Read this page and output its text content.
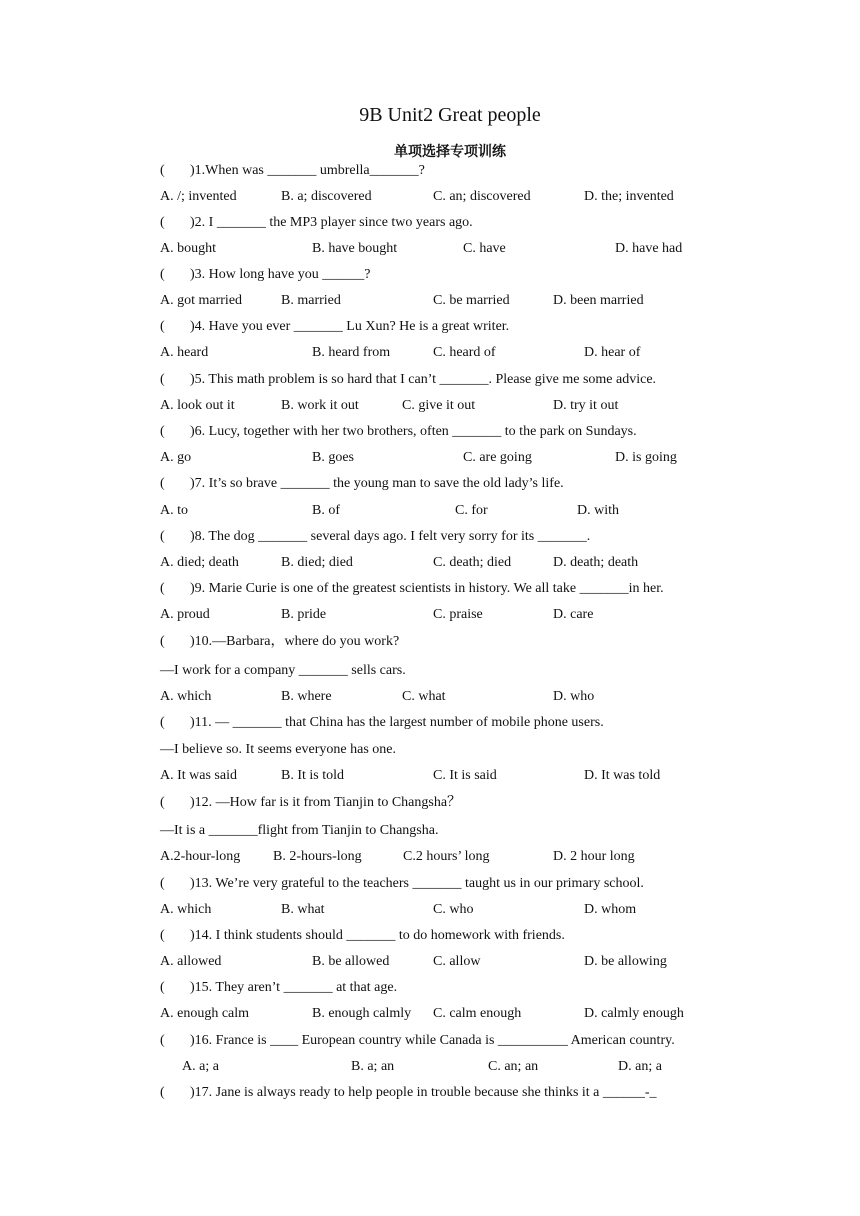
9B Unit2 Great people
单项选择专项训练
( )1.When was _______ umbrella_______?
A. /; invented	B. a; discovered	C. an; discovered	D. the; invented
( )2. I _______ the MP3 player since two years ago.
A. bought	B. have bought	C. have	D. have had
( )3. How long have you ______?
A. got married	B. married	C. be married	D. been married
( )4. Have you ever _______ Lu Xun? He is a great writer.
A. heard	B. heard from	C. heard of	D. hear of
( )5. This math problem is so hard that I can’t _______. Please give me some advice.
A. look out it	B. work it out	C. give it out	D. try it out
( )6. Lucy, together with her two brothers, often _______ to the park on Sundays.
A. go	B. goes	C. are going	D. is going
( )7. It’s so brave _______ the young man to save the old lady’s life.
A. to	B. of	C. for	D. with
( )8. The dog _______ several days ago. I felt very sorry for its _______.
A. died; death	B. died; died	C. death; died	D. death; death
( )9. Marie Curie is one of the greatest scientists in history. We all take _______in her.
A. proud	B. pride	C. praise	D. care
( )10.—Barbara，where do you work?
—I work for a company _______ sells cars.
A. which	B. where	C. what	D. who
( )11. — _______ that China has the largest number of mobile phone users.
—I believe so. It seems everyone has one.
A. It was said	B. It is told	C. It is said	D. It was told
( )12. —How far is it from Tianjin to Changsha？
—It is a _______flight from Tianjin to Changsha.
A.2-hour-long B. 2-hours-long	C.2 hours’ long	D. 2 hour long
( )13. We’re very grateful to the teachers _______ taught us in our primary school.
A. which	B. what	C. who	D. whom
( )14. I think students should _______ to do homework with friends.
A. allowed	B. be allowed	C. allow	D. be allowing
( )15. They aren’t _______ at that age.
A. enough calm	B. enough calmly C. calm enough	D. calmly enough
( )16. France is ____ European country while Canada is __________ American country.
A. a; a	B. a; an	C. an; an	D. an; a
( )17. Jane is always ready to help people in trouble because she thinks it a ______-_
